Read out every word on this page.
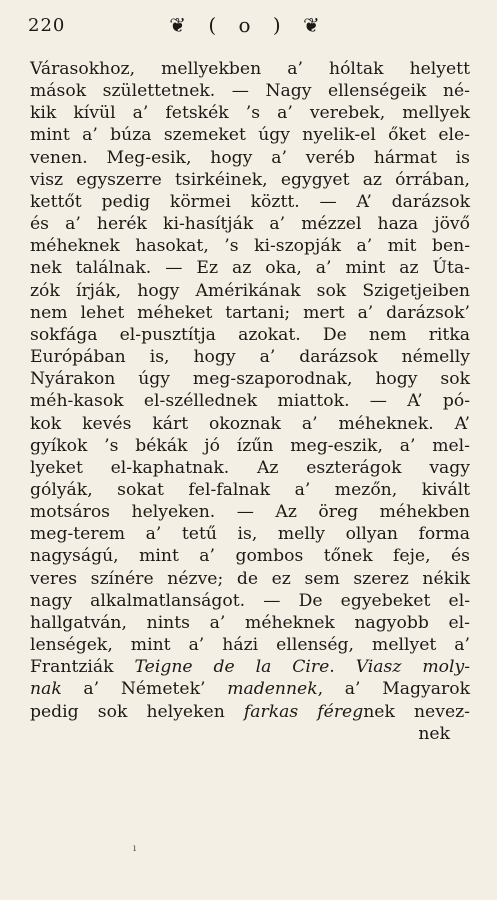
220	❦ ( o ) ❦

Várasokhoz, mellyekben a’ hóltak helyett
mások születtetnek. — Nagy ellenségeik né-
kik kívül a’ fetskék ’s a’ verebek, mellyek
mint a’ búza szemeket úgy nyelik-el őket ele-
venen. Meg-esik, hogy a’ veréb hármat is
visz egyszerre tsirkéinek, egygyet az órrában,
kettőt pedig körmei köztt. — A’ darázsok
és a’ herék ki-hasítják a’ mézzel haza jövő
méheknek hasokat, ’s ki-szopják a’ mit ben-
nek találnak. — Ez az oka, a’ mint az Úta-
zók írják, hogy Amérikának sok Szigetjeiben
nem lehet méheket tartani; mert a’ darázsok’
sokfága el-pusztítja azokat. De nem ritka
Európában is, hogy a’ darázsok némelly
Nyárakon úgy meg-szaporodnak, hogy sok
méh-kasok el-széllednek miattok. — A’ pó-
kok kevés kárt okoznak a’ méheknek. A’
gyíkok ’s békák jó ízűn meg-eszik, a’ mel-
lyeket el-kaphatnak. Az eszterágok vagy
gólyák, sokat fel-falnak a’ mezőn, kivált
motsáros helyeken. — Az öreg méhekben
meg-terem a’ tetű is, melly ollyan forma
nagyságú, mint a’ gombos tőnek feje, és
veres színére nézve; de ez sem szerez nékik
nagy alkalmatlanságot. — De egyebeket el-
hallgatván, nints a’ méheknek nagyobb el-
lenségek, mint a’ házi ellenség, mellyet a’
Frantziák Teigne de la Cire. Viasz moly-
nak a’ Németek’ madennek, a’ Magyarok
pedig sok helyeken farkas féregnek nevez-
nek

ı
